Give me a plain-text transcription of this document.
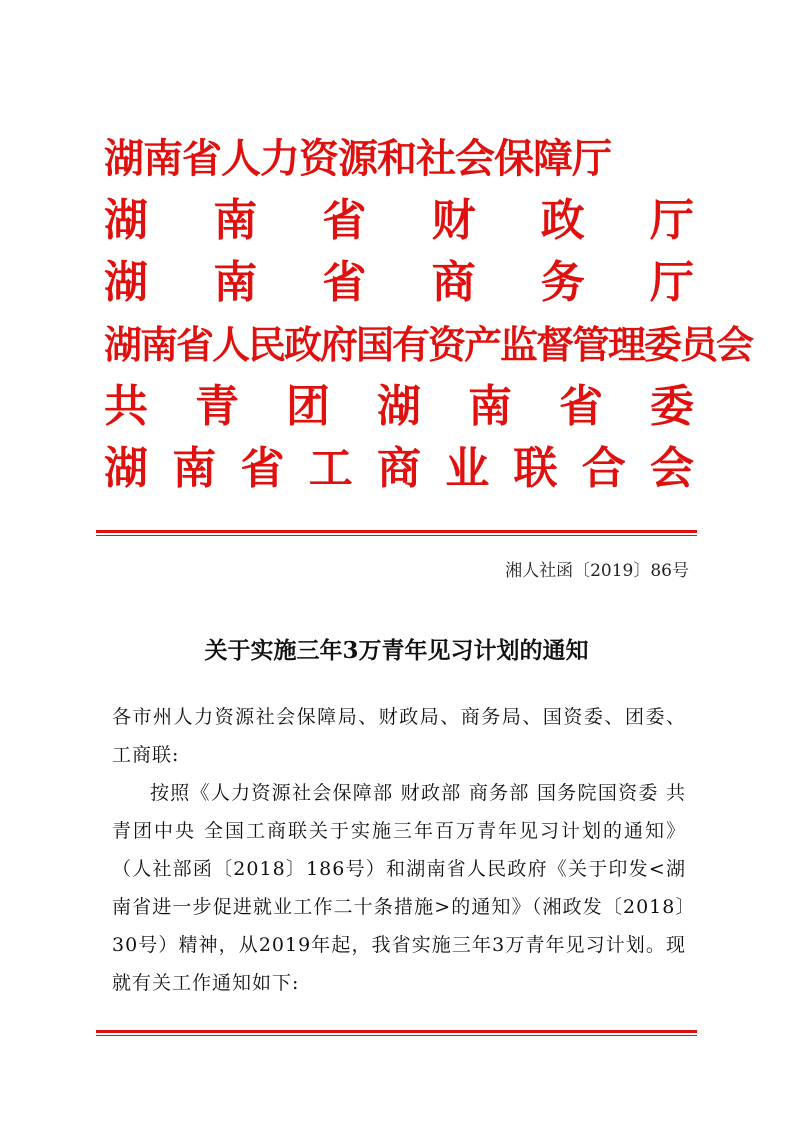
湖南省人力资源和社会保障厅
湖 南 省 财 政 厅
湖 南 省 商 务 厅
湖南省人民政府国有资产监督管理委员会
共 青 团 湖 南 省 委
湖 南 省 工 商 业 联 合 会
湘人社函〔2019〕86号
关于实施三年3万青年见习计划的通知

各市州人力资源社会保障局、财政局、商务局、国资委、团委、工商联:

按照《人力资源社会保障部 财政部 商务部 国务院国资委 共青团中央 全国工商联关于实施三年百万青年见习计划的通知》（人社部函〔2018〕186号）和湖南省人民政府《关于印发<湖南省进一步促进就业工作二十条措施>的通知》（湘政发〔2018〕30号）精神，从2019年起，我省实施三年3万青年见习计划。现就有关工作通知如下:
